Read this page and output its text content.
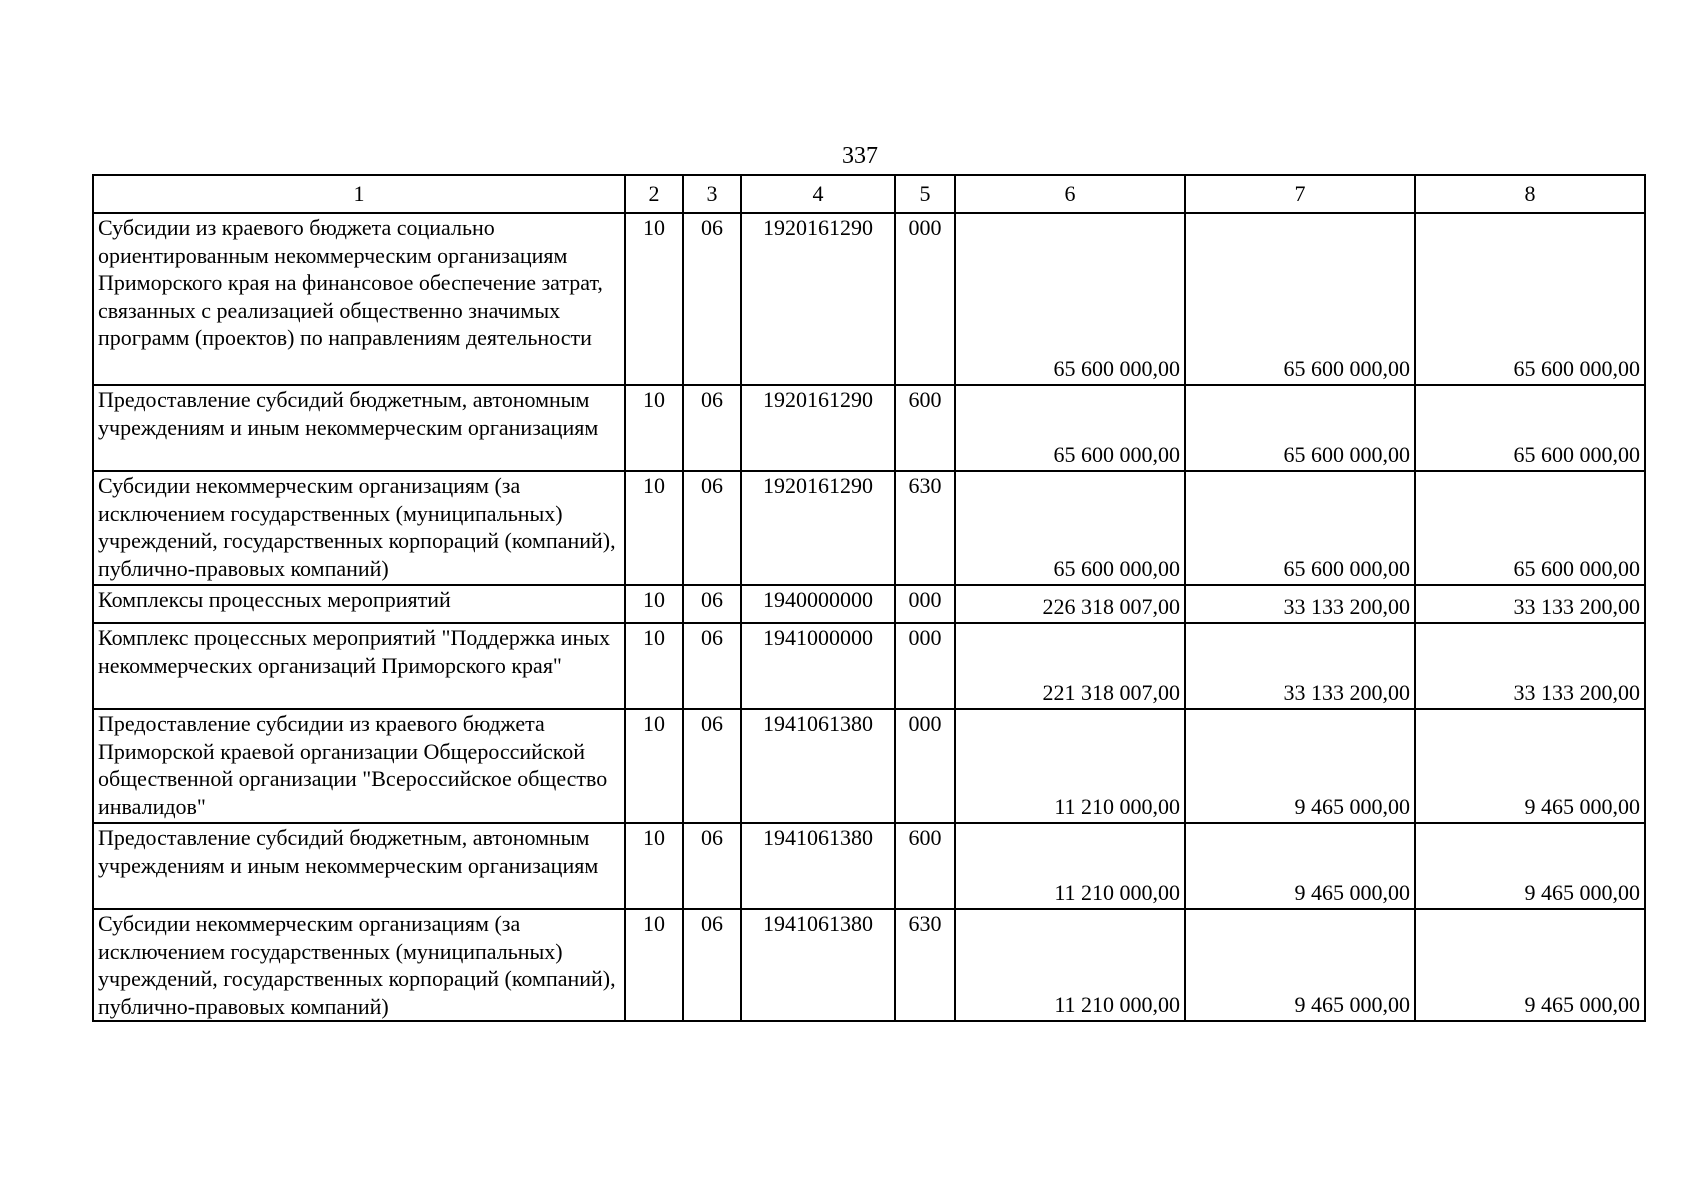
337
1	2	3	4	5	6	7	8
Субсидии из краевого бюджета социально ориентированным некоммерческим организациям Приморского края на финансовое обеспечение затрат, связанных с реализацией общественно значимых программ (проектов) по направлениям деятельности	10	06	1920161290	000	65 600 000,00	65 600 000,00	65 600 000,00

Предоставление субсидий бюджетным, автономным учреждениям и иным некоммерческим организациям	10	06	1920161290	600	65 600 000,00	65 600 000,00	65 600 000,00

Субсидии некоммерческим организациям (за исключением государственных (муниципальных) учреждений, государственных корпораций (компаний), публично-правовых компаний)	10	06	1920161290	630	65 600 000,00	65 600 000,00	65 600 000,00

Комплексы процессных мероприятий	10	06	1940000000	000	226 318 007,00	33 133 200,00	33 133 200,00

Комплекс процессных мероприятий "Поддержка иных некоммерческих организаций Приморского края"	10	06	1941000000	000	221 318 007,00	33 133 200,00	33 133 200,00

Предоставление субсидии из краевого бюджета Приморской краевой организации Общероссийской общественной организации "Всероссийское общество инвалидов"	10	06	1941061380	000	11 210 000,00	9 465 000,00	9 465 000,00

Предоставление субсидий бюджетным, автономным учреждениям и иным некоммерческим организациям	10	06	1941061380	600	11 210 000,00	9 465 000,00	9 465 000,00

Субсидии некоммерческим организациям (за исключением государственных (муниципальных) учреждений, государственных корпораций (компаний), публично-правовых компаний)	10	06	1941061380	630	11 210 000,00	9 465 000,00	9 465 000,00
